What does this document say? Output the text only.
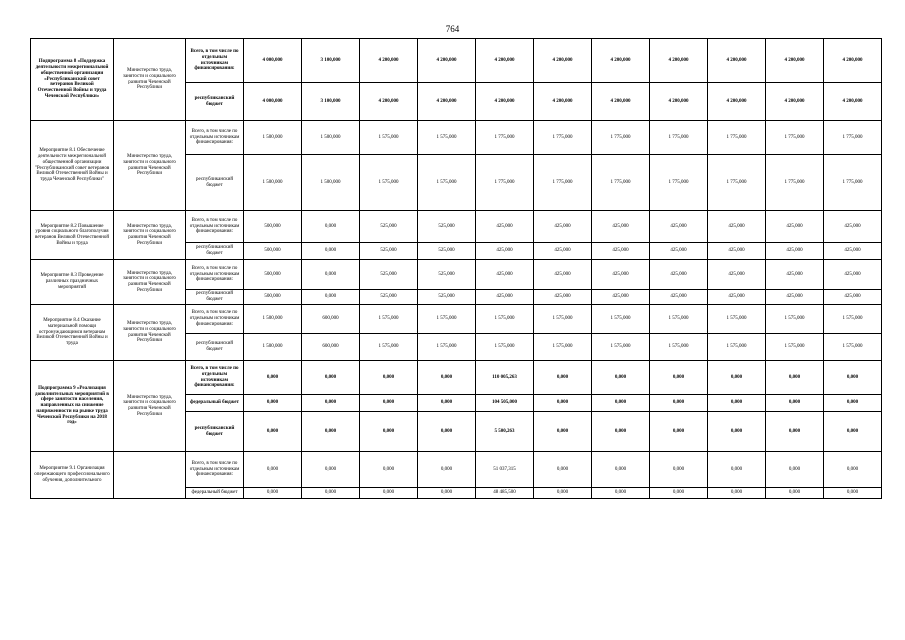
764
Подпрограмма 8 «Поддержка деятельности межрегиональной общественной организации «Республиканский совет ветеранов Великой Отечественной Войны и труда Чеченской Республики»	Министерство труда, занятости и социального развития Чеченской Республики	Всего, в том числе по отдельным источникам финансирования:	4 000,000	3 100,000	4 200,000	4 200,000	4 200,000	4 200,000	4 200,000	4 200,000	4 200,000	4 200,000	4 200,000
		республиканский бюджет	4 000,000	3 100,000	4 200,000	4 200,000	4 200,000	4 200,000	4 200,000	4 200,000	4 200,000	4 200,000	4 200,000
Мероприятие 8.1 Обеспечение деятельности межрегиональной общественной организации "Республиканский совет ветеранов Великой Отечественной Войны и труда Чеченской Республики"	Министерство труда, занятости и социального развития Чеченской Республики	Всего, в том числе по отдельным источникам финансирования:	1 500,000	1 500,000	1 575,000	1 575,000	1 775,000	1 775,000	1 775,000	1 775,000	1 775,000	1 775,000	1 775,000
		республиканский бюджет	1 500,000	1 500,000	1 575,000	1 575,000	1 775,000	1 775,000	1 775,000	1 775,000	1 775,000	1 775,000	1 775,000
Мероприятие 8.2 Повышение уровня социального благополучия ветеранов Великой Отечественной Войны и труда	Министерство труда, занятости и социального развития Чеченской Республики	Всего, в том числе по отдельным источникам финансирования:	500,000	0,000	525,000	525,000	425,000	425,000	425,000	425,000	425,000	425,000	425,000
		республиканский бюджет	500,000	0,000	525,000	525,000	425,000	425,000	425,000	425,000	425,000	425,000	425,000
Мероприятие 8.3 Проведение различных праздничных мероприятий	Министерство труда, занятости и социального развития Чеченской Республики	Всего, в том числе по отдельным источникам финансирования:	500,000	0,000	525,000	525,000	425,000	425,000	425,000	425,000	425,000	425,000	425,000
		республиканский бюджет	500,000	0,000	525,000	525,000	425,000	425,000	425,000	425,000	425,000	425,000	425,000
Мероприятие 8.4 Оказание материальной помощи остронуждающимся ветеранам Великой Отечественной Войны и труда	Министерство труда, занятости и социального развития Чеченской Республики	Всего, в том числе по отдельным источникам финансирования:	1 500,000	600,000	1 575,000	1 575,000	1 575,000	1 575,000	1 575,000	1 575,000	1 575,000	1 575,000	1 575,000
		республиканский бюджет	1 500,000	600,000	1 575,000	1 575,000	1 575,000	1 575,000	1 575,000	1 575,000	1 575,000	1 575,000	1 575,000
Подпрограмма 9 «Реализация дополнительных мероприятий в сфере занятости населения, направленных на снижение напряженности на рынке труда Чеченской Республики на 2018 год»	Министерство труда, занятости и социального развития Чеченской Республики	Всего, в том числе по отдельным источникам финансирования:	0,000	0,000	0,000	0,000	110 005,263	0,000	0,000	0,000	0,000	0,000	0,000
		федеральный бюджет	0,000	0,000	0,000	0,000	104 505,000	0,000	0,000	0,000	0,000	0,000	0,000
		республиканский бюджет	0,000	0,000	0,000	0,000	5 500,263	0,000	0,000	0,000	0,000	0,000	0,000
Мероприятие 9.1 Организация опережающего профессионального обучения, дополнительного		Всего, в том числе по отдельным источникам финансирования:	0,000	0,000	0,000	0,000	51 037,315	0,000	0,000	0,000	0,000	0,000	0,000
		федеральный бюджет	0,000	0,000	0,000	0,000	48 485,500	0,000	0,000	0,000	0,000	0,000	0,000
